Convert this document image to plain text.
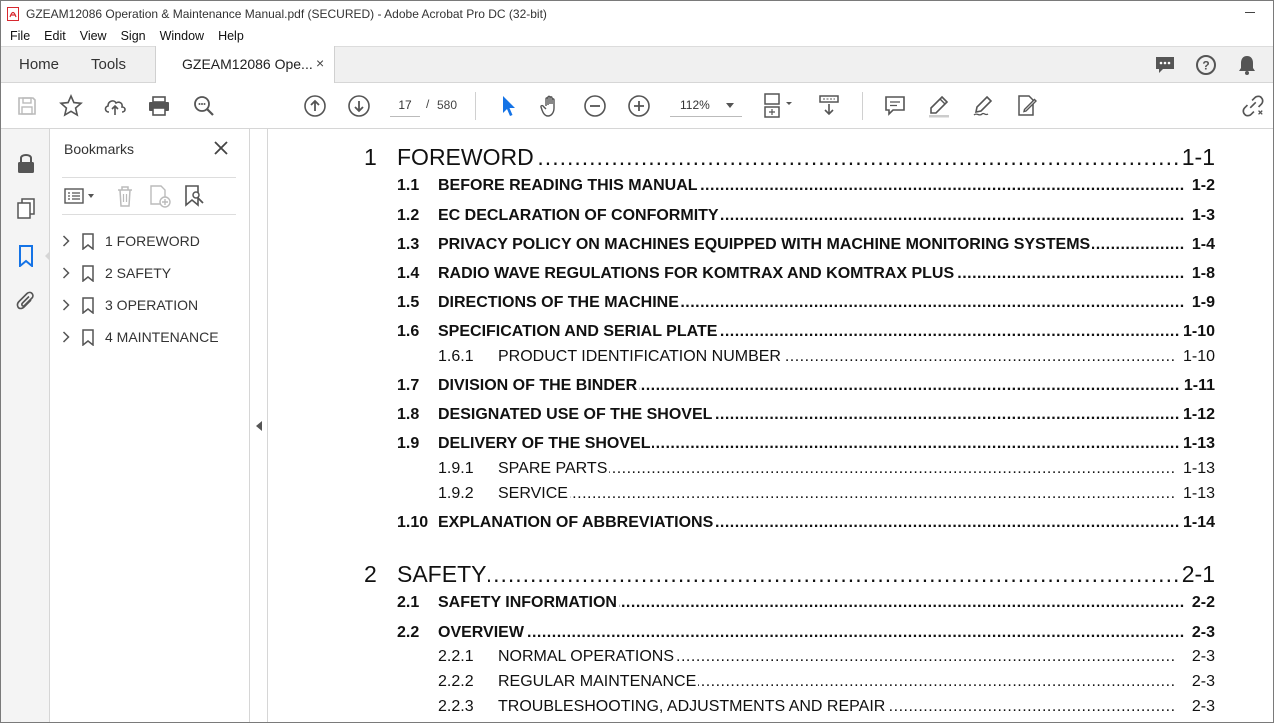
GZEAM12086 Operation & Maintenance Manual.pdf (SECURED) - Adobe Acrobat Pro DC (32-bit)
File	Edit	View	Sign	Window	Help
Home Tools	GZEAM12086 Ope... ×	?
17	/ 580	112%
Bookmarks
1 FOREWORD
2 SAFETY
3 OPERATION
4 MAINTENANCE
1 FOREWORD .....	1-1
1.1 BEFORE READING THIS MANUAL .....	1-2
1.2 EC DECLARATION OF CONFORMITY .....	1-3
1.3 PRIVACY POLICY ON MACHINES EQUIPPED WITH MACHINE MONITORING SYSTEMS .....	1-4
1.4 RADIO WAVE REGULATIONS FOR KOMTRAX AND KOMTRAX PLUS .....	1-8
1.5 DIRECTIONS OF THE MACHINE .....	1-9
1.6 SPECIFICATION AND SERIAL PLATE .....	1-10
1.6.1 PRODUCT IDENTIFICATION NUMBER .....	1-10
1.7 DIVISION OF THE BINDER .....	1-11
1.8 DESIGNATED USE OF THE SHOVEL .....	1-12
1.9 DELIVERY OF THE SHOVEL .....	1-13
1.9.1 SPARE PARTS .....	1-13
1.9.2 SERVICE .....	1-13
1.10 EXPLANATION OF ABBREVIATIONS .....	1-14
2 SAFETY .....	2-1
2.1 SAFETY INFORMATION .....	2-2
2.2 OVERVIEW .....	2-3
2.2.1 NORMAL OPERATIONS .....	2-3
2.2.2 REGULAR MAINTENANCE .....	2-3
2.2.3 TROUBLESHOOTING, ADJUSTMENTS AND REPAIR .....	2-3
